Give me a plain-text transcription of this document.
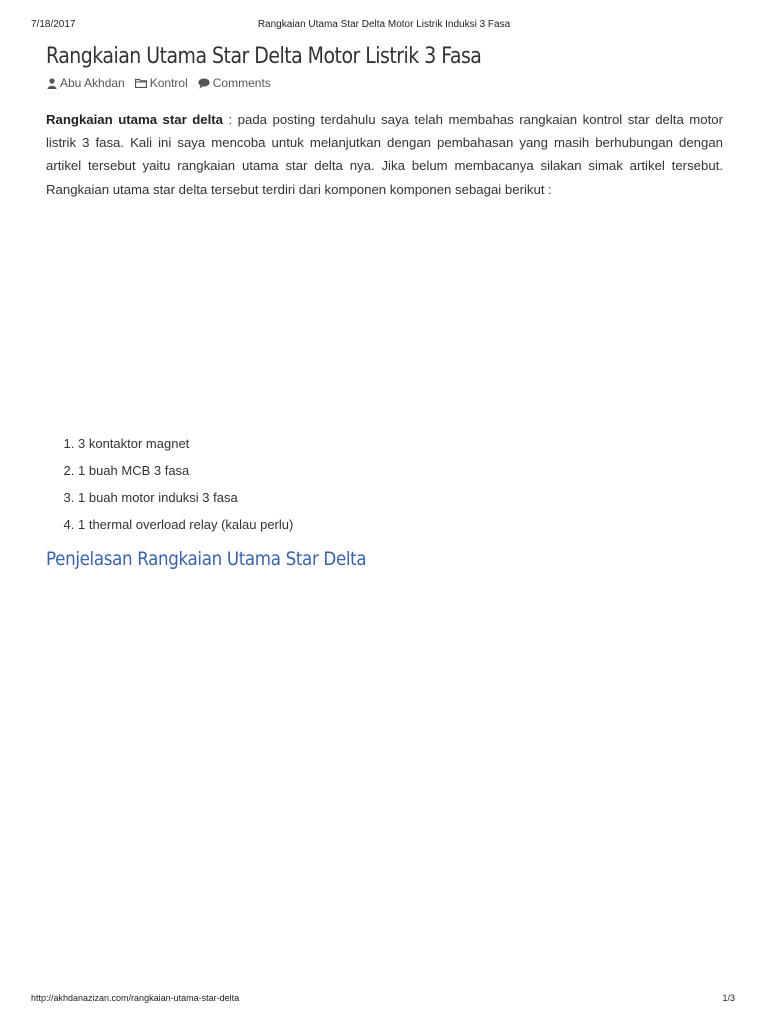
7/18/2017	Rangkaian Utama Star Delta Motor Listrik Induksi 3 Fasa
Rangkaian Utama Star Delta Motor Listrik 3 Fasa
Abu Akhdan Kontrol Comments

Rangkaian utama star delta : pada posting terdahulu saya telah membahas rangkaian kontrol star delta motor listrik 3 fasa. Kali ini saya mencoba untuk melanjutkan dengan pembahasan yang masih berhubungan dengan artikel tersebut yaitu rangkaian utama star delta nya. Jika belum membacanya silakan simak artikel tersebut. Rangkaian utama star delta tersebut terdiri dari komponen komponen sebagai berikut :

1. 3 kontaktor magnet
2. 1 buah MCB 3 fasa
3. 1 buah motor induksi 3 fasa
4. 1 thermal overload relay (kalau perlu)
Penjelasan Rangkaian Utama Star Delta
http://akhdanazizan.com/rangkaian-utama-star-delta	1/3
